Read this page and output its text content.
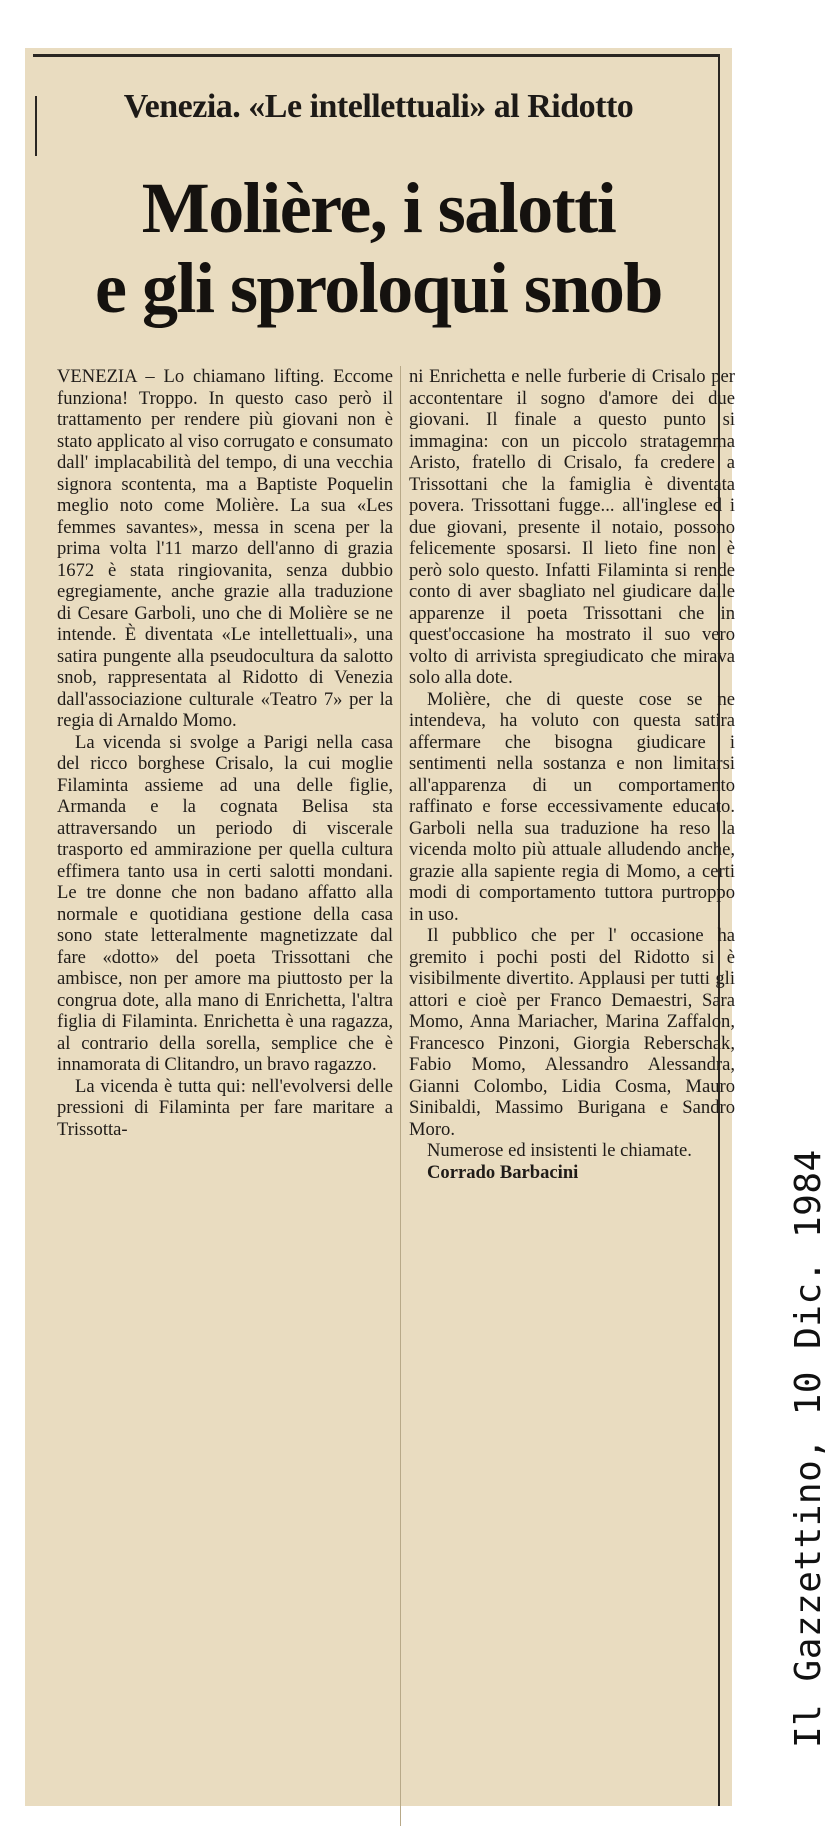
Venezia. «Le intellettuali» al Ridotto
Molière, i salotti
e gli sproloqui snob

VENEZIA – Lo chiamano lifting. Eccome funziona! Troppo. In questo caso però il trattamento per rendere più giovani non è stato applicato al viso corrugato e consumato dall' implacabilità del tempo, di una vecchia signora scontenta, ma a Baptiste Poquelin meglio noto come Molière. La sua «Les femmes savantes», messa in scena per la prima volta l'11 marzo dell'anno di grazia 1672 è stata ringiovanita, senza dubbio egregiamente, anche grazie alla traduzione di Cesare Garboli, uno che di Molière se ne intende. È diventata «Le intellettuali», una satira pungente alla pseudocultura da salotto snob, rappresentata al Ridotto di Venezia dall'associazione culturale «Teatro 7» per la regia di Arnaldo Momo.

La vicenda si svolge a Parigi nella casa del ricco borghese Crisalo, la cui moglie Filaminta assieme ad una delle figlie, Armanda e la cognata Belisa sta attraversando un periodo di viscerale trasporto ed ammirazione per quella cultura effimera tanto usa in certi salotti mondani. Le tre donne che non badano affatto alla normale e quotidiana gestione della casa sono state letteralmente magnetizzate dal fare «dotto» del poeta Trissottani che ambisce, non per amore ma piuttosto per la congrua dote, alla mano di Enrichetta, l'altra figlia di Filaminta. Enrichetta è una ragazza, al contrario della sorella, semplice che è innamorata di Clitandro, un bravo ragazzo.

La vicenda è tutta qui: nell'evolversi delle pressioni di Filaminta per fare maritare a Trissotta-

ni Enrichetta e nelle furberie di Crisalo per accontentare il sogno d'amore dei due giovani. Il finale a questo punto si immagina: con un piccolo stratagemma Aristo, fratello di Crisalo, fa credere a Trissottani che la famiglia è diventata povera. Trissottani fugge... all'inglese ed i due giovani, presente il notaio, possono felicemente sposarsi. Il lieto fine non è però solo questo. Infatti Filaminta si rende conto di aver sbagliato nel giudicare dalle apparenze il poeta Trissottani che in quest'occasione ha mostrato il suo vero volto di arrivista spregiudicato che mirava solo alla dote.

Molière, che di queste cose se ne intendeva, ha voluto con questa satira affermare che bisogna giudicare i sentimenti nella sostanza e non limitarsi all'apparenza di un comportamento raffinato e forse eccessivamente educato. Garboli nella sua traduzione ha reso la vicenda molto più attuale alludendo anche, grazie alla sapiente regia di Momo, a certi modi di comportamento tuttora purtroppo in uso.

Il pubblico che per l' occasione ha gremito i pochi posti del Ridotto si è visibilmente divertito. Applausi per tutti gli attori e cioè per Franco Demaestri, Sara Momo, Anna Mariacher, Marina Zaffalon, Francesco Pinzoni, Giorgia Reberschak, Fabio Momo, Alessandro Alessandra, Gianni Colombo, Lidia Cosma, Mauro Sinibaldi, Massimo Burigana e Sandro Moro.

Numerose ed insistenti le chiamate.

Corrado Barbacini	Il Gazzettino, 10 Dic. 1984
